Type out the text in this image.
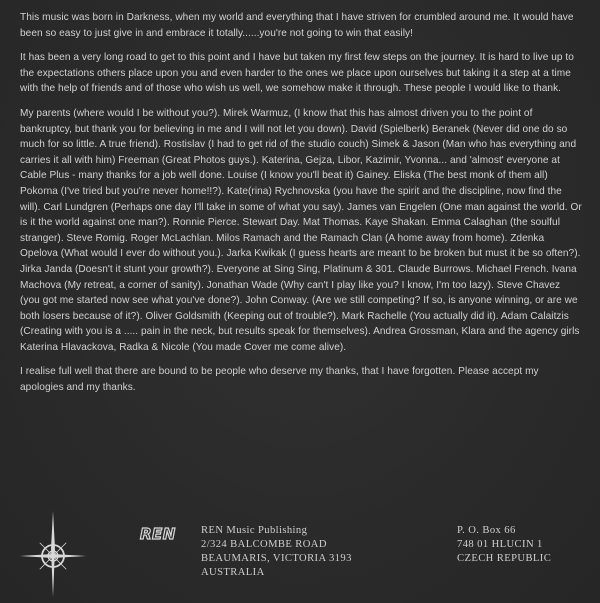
This music was born in Darkness, when my world and everything that I have striven for crumbled around me. It would have been so easy to just give in and embrace it totally......you're not going to win that easily!

It has been a very long road to get to this point and I have but taken my first few steps on the journey. It is hard to live up to the expectations others place upon you and even harder to the ones we place upon ourselves but taking it a step at a time with the help of friends and of those who wish us well, we somehow make it through. These people I would like to thank.

My parents (where would I be without you?). Mirek Warmuz, (I know that this has almost driven you to the point of bankruptcy, but thank you for believing in me and I will not let you down). David (Spielberk) Beranek (Never did one do so much for so little. A true friend). Rostislav (I had to get rid of the studio couch) Simek & Jason (Man who has everything and carries it all with him) Freeman (Great Photos guys.). Katerina, Gejza, Libor, Kazimir, Yvonna... and 'almost' everyone at Cable Plus - many thanks for a job well done. Louise (I know you'll beat it) Gainey. Eliska (The best monk of them all) Pokorna (I've tried but you're never home!!?). Kate(rina) Rychnovska (you have the spirit and the discipline, now find the will). Carl Lundgren (Perhaps one day I'll take in some of what you say). James van Engelen (One man against the world. Or is it the world against one man?). Ronnie Pierce. Stewart Day. Mat Thomas. Kaye Shakan. Emma Calaghan (the soulful stranger). Steve Romig. Roger McLachlan. Milos Ramach and the Ramach Clan (A home away from home). Zdenka Opelova (What would I ever do without you.). Jarka Kwikak (I guess hearts are meant to be broken but must it be so often?). Jirka Janda (Doesn't it stunt your growth?). Everyone at Sing Sing, Platinum & 301. Claude Burrows. Michael French. Ivana Machova (My retreat, a corner of sanity). Jonathan Wade (Why can't I play like you? I know, I'm too lazy). Steve Chavez (you got me started now see what you've done?). John Conway. (Are we still competing? If so, is anyone winning, or are we both losers because of it?). Oliver Goldsmith (Keeping out of trouble?). Mark Rachelle (You actually did it). Adam Calaitzis (Creating with you is a ..... pain in the neck, but results speak for themselves). Andrea Grossman, Klara and the agency girls Katerina Hlavackova, Radka & Nicole (You made Cover me come alive).

I realise full well that there are bound to be people who deserve my thanks, that I have forgotten. Please accept my apologies and my thanks.

REN REN Music Publishing
2/324 BALCOMBE ROAD
BEAUMARIS, VICTORIA 3193
AUSTRALIA
P. O. Box 66
748 01 HLUCIN 1
CZECH REPUBLIC
